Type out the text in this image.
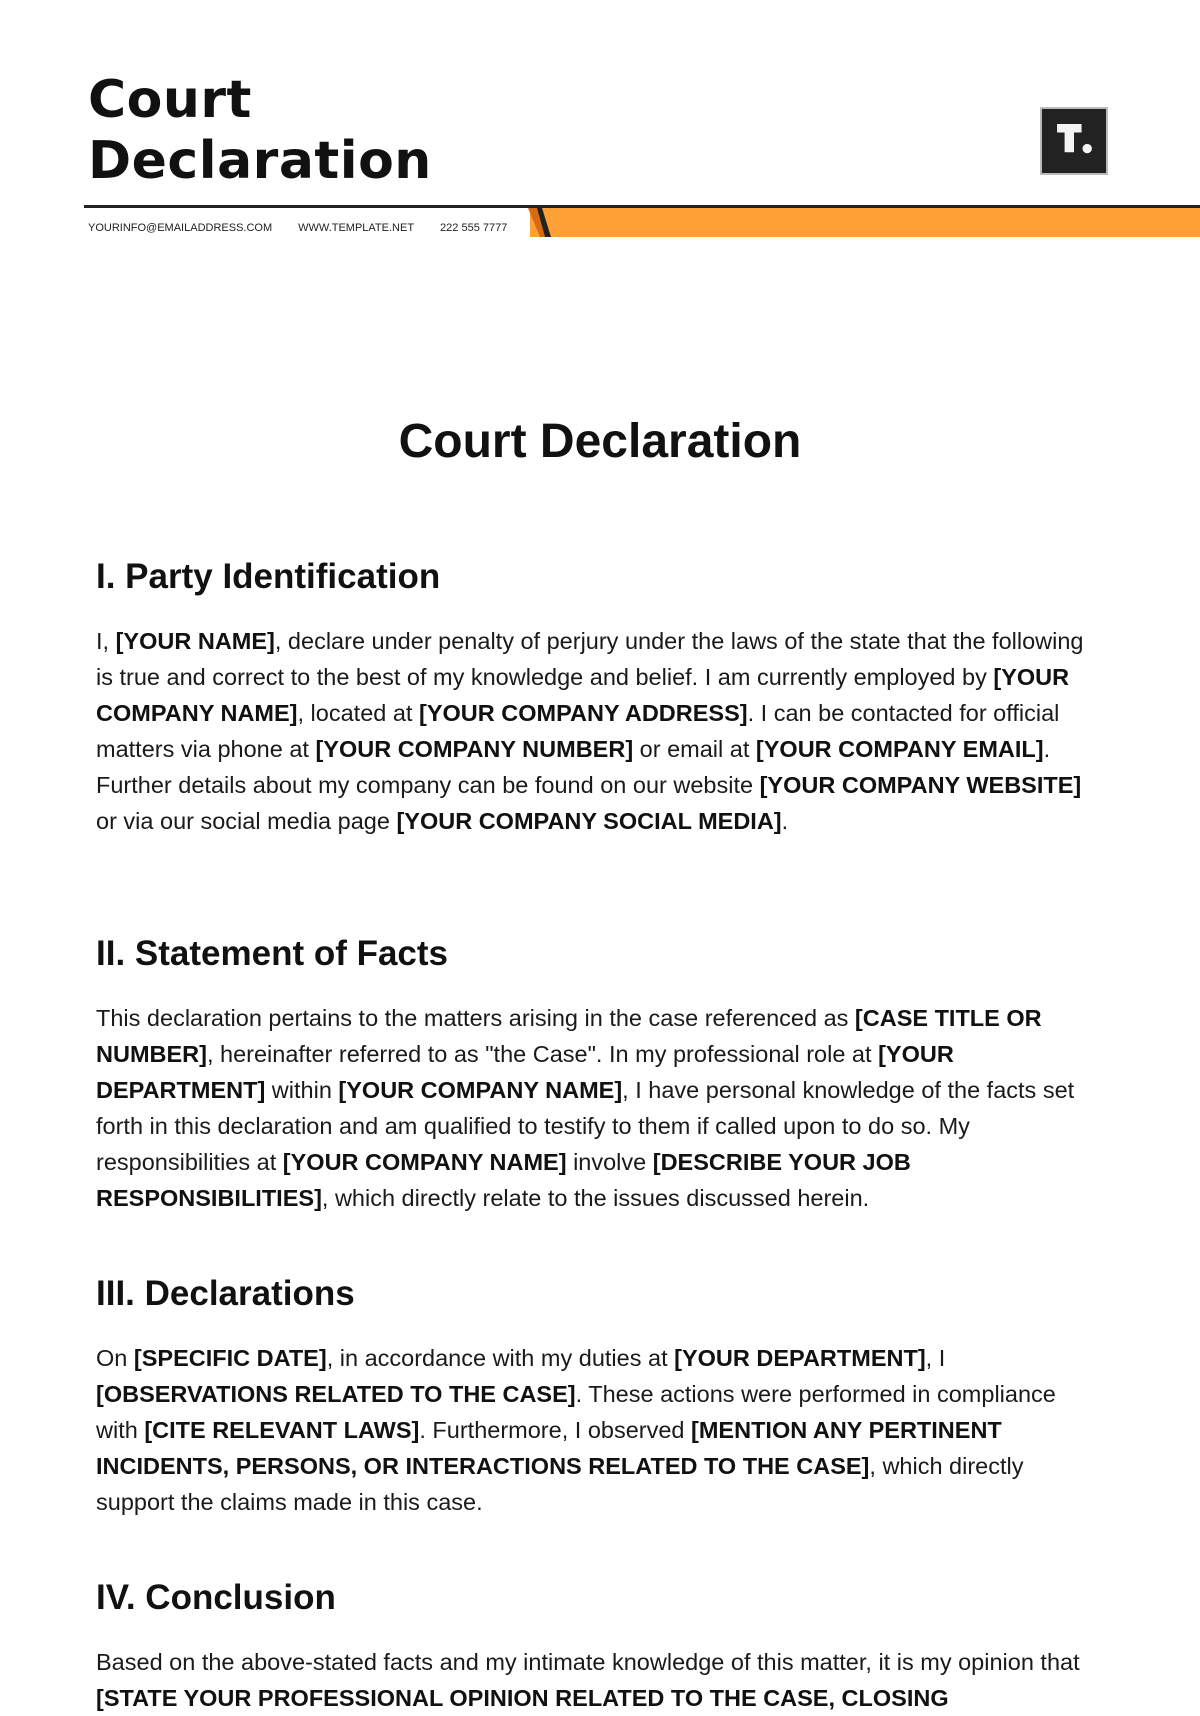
Court
Declaration
YOURINFO@EMAILADDRESS.COM WWW.TEMPLATE.NET 222 555 7777
Court Declaration
I. Party Identification

I, [YOUR NAME], declare under penalty of perjury under the laws of the state that the following is true and correct to the best of my knowledge and belief. I am currently employed by [YOUR COMPANY NAME], located at [YOUR COMPANY ADDRESS]. I can be contacted for official matters via phone at [YOUR COMPANY NUMBER] or email at [YOUR COMPANY EMAIL]. Further details about my company can be found on our website [YOUR COMPANY WEBSITE] or via our social media page [YOUR COMPANY SOCIAL MEDIA].

II. Statement of Facts

This declaration pertains to the matters arising in the case referenced as [CASE TITLE OR NUMBER], hereinafter referred to as "the Case". In my professional role at [YOUR DEPARTMENT] within [YOUR COMPANY NAME], I have personal knowledge of the facts set forth in this declaration and am qualified to testify to them if called upon to do so. My responsibilities at [YOUR COMPANY NAME] involve [DESCRIBE YOUR JOB RESPONSIBILITIES], which directly relate to the issues discussed herein.

III. Declarations

On [SPECIFIC DATE], in accordance with my duties at [YOUR DEPARTMENT], I [OBSERVATIONS RELATED TO THE CASE]. These actions were performed in compliance with [CITE RELEVANT LAWS]. Furthermore, I observed [MENTION ANY PERTINENT INCIDENTS, PERSONS, OR INTERACTIONS RELATED TO THE CASE], which directly support the claims made in this case.

IV. Conclusion

Based on the above-stated facts and my intimate knowledge of this matter, it is my opinion that [STATE YOUR PROFESSIONAL OPINION RELATED TO THE CASE, CLOSING
